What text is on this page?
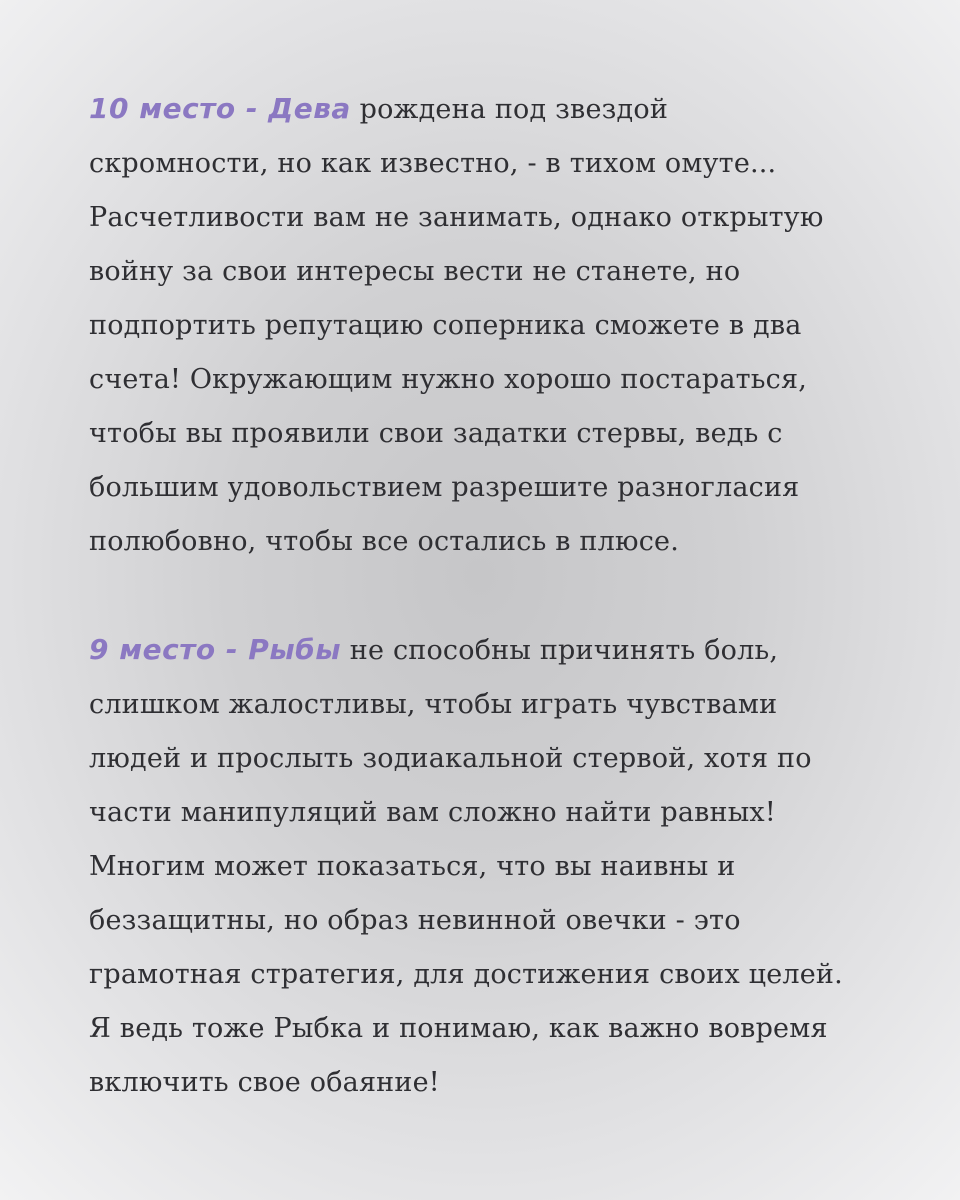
10 место - Дева рождена под звездой
скромности, но как известно, - в тихом омуте...
Расчетливости вам не занимать, однако открытую
войну за свои интересы вести не станете, но
подпортить репутацию соперника сможете в два
счета! Окружающим нужно хорошо постараться,
чтобы вы проявили свои задатки стервы, ведь с
большим удовольствием разрешите разногласия
полюбовно, чтобы все остались в плюсе.
9 место - Рыбы не способны причинять боль,
слишком жалостливы, чтобы играть чувствами
людей и прослыть зодиакальной стервой, хотя по
части манипуляций вам сложно найти равных!
Многим может показаться, что вы наивны и
беззащитны, но образ невинной овечки - это
грамотная стратегия, для достижения своих целей.
Я ведь тоже Рыбка и понимаю, как важно вовремя
включить свое обаяние!
